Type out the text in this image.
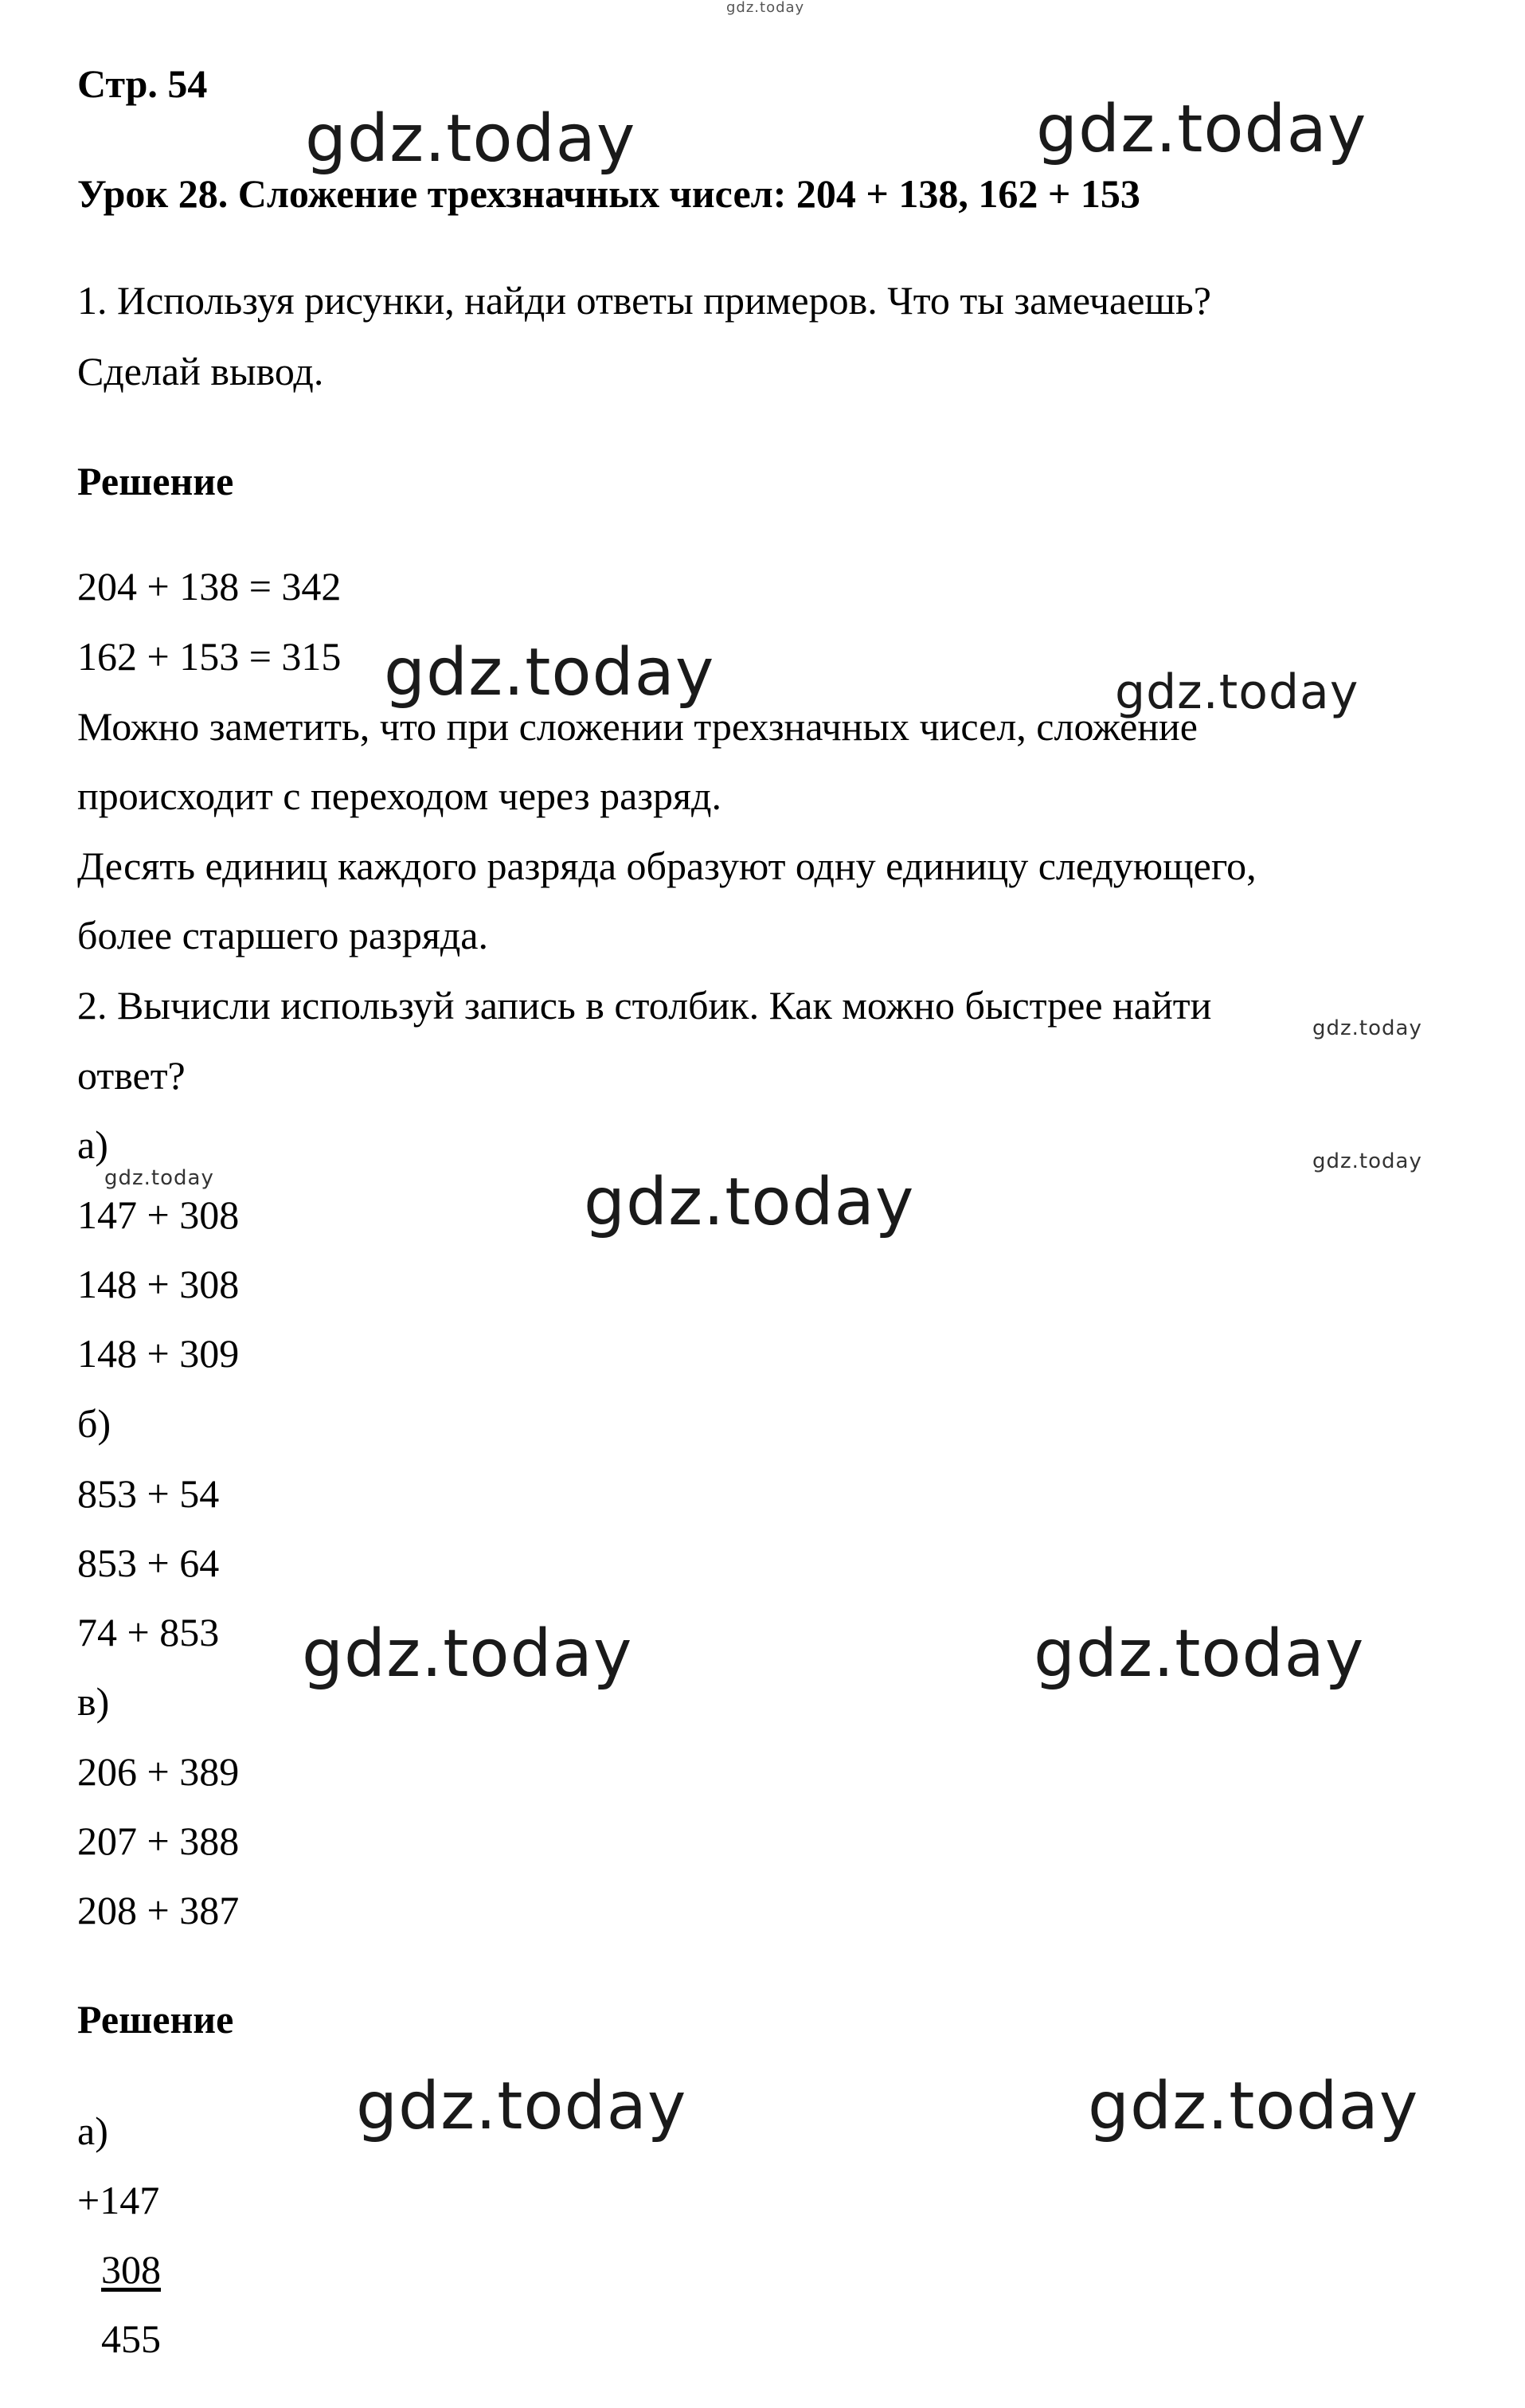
gdz.today
Стр. 54
Урок 28. Сложение трехзначных чисел: 204 + 138, 162 + 153
1. Используя рисунки, найди ответы примеров. Что ты замечаешь?
Сделай вывод.
Решение
204 + 138 = 342
162 + 153 = 315
Можно заметить, что при сложении трехзначных чисел, сложение
происходит с переходом через разряд.
Десять единиц каждого разряда образуют одну единицу следующего,
более старшего разряда.
2. Вычисли используй запись в столбик. Как можно быстрее найти
ответ?
а)
147 + 308
148 + 308
148 + 309
б)
853 + 54
853 + 64
74 + 853
в)
206 + 389
207 + 388
208 + 387
Решение
а)
+147
308
455
gdz.today	gdz.today
gdz.today	gdz.today
gdz.today
gdz.today
gdz.today	gdz.today
gdz.today	gdz.today
gdz.today	gdz.today
